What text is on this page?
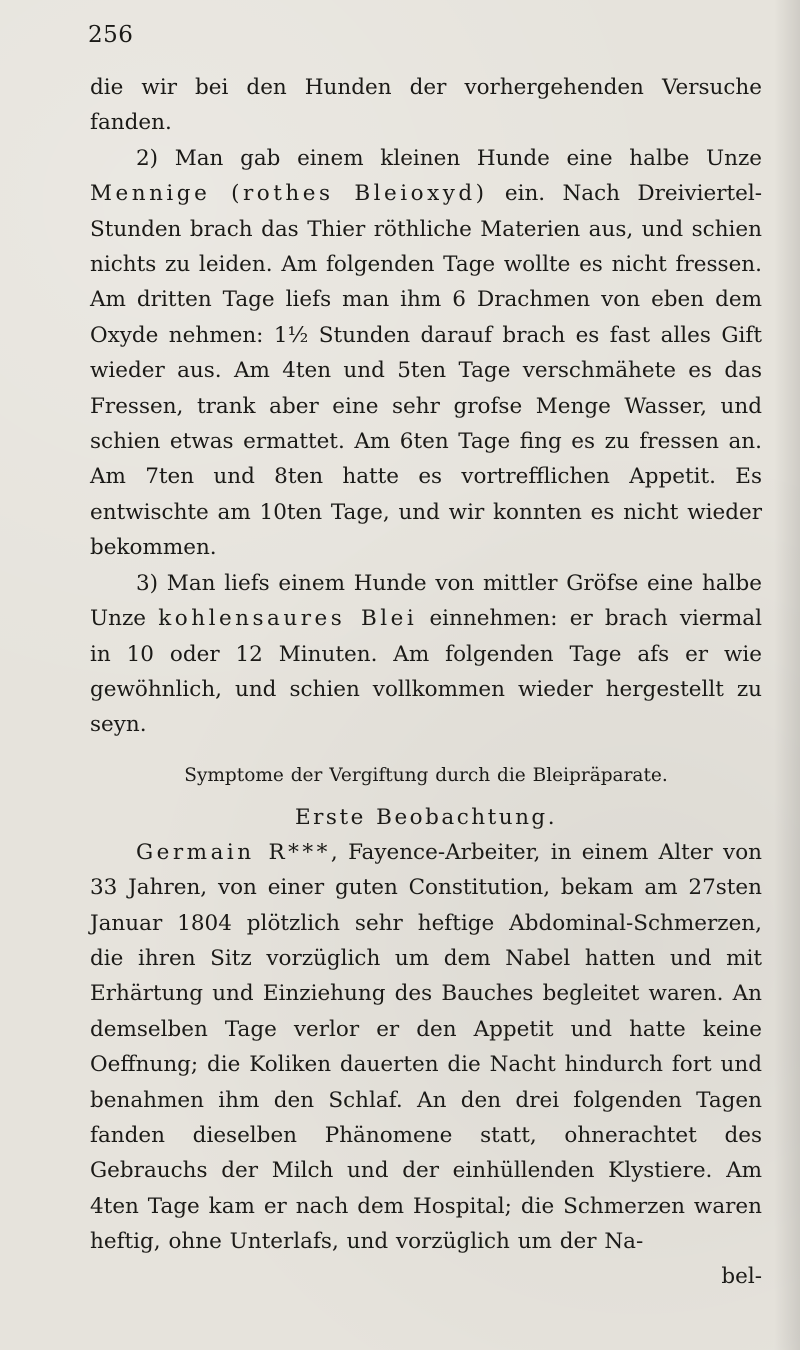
256

die wir bei den Hunden der vorhergehenden Versuche fanden.

2) Man gab einem kleinen Hunde eine halbe Unze Mennige (rothes Bleioxyd) ein. Nach Dreiviertel-Stunden brach das Thier röthliche Materien aus, und schien nichts zu leiden. Am folgenden Tage wollte es nicht fressen. Am dritten Tage liefs man ihm 6 Drachmen von eben dem Oxyde nehmen: 1½ Stunden darauf brach es fast alles Gift wieder aus. Am 4ten und 5ten Tage verschmähete es das Fressen, trank aber eine sehr grofse Menge Wasser, und schien etwas ermattet. Am 6ten Tage fing es zu fressen an. Am 7ten und 8ten hatte es vortrefflichen Appetit. Es entwischte am 10ten Tage, und wir konnten es nicht wieder bekommen.

3) Man liefs einem Hunde von mittler Gröfse eine halbe Unze kohlensaures Blei einnehmen: er brach viermal in 10 oder 12 Minuten. Am folgenden Tage afs er wie gewöhnlich, und schien vollkommen wieder hergestellt zu seyn.

Symptome der Vergiftung durch die Bleipräparate.

Erste Beobachtung.

Germain R***, Fayence-Arbeiter, in einem Alter von 33 Jahren, von einer guten Constitution, bekam am 27sten Januar 1804 plötzlich sehr heftige Abdominal-Schmerzen, die ihren Sitz vorzüglich um dem Nabel hatten und mit Erhärtung und Einziehung des Bauches begleitet waren. An demselben Tage verlor er den Appetit und hatte keine Oeffnung; die Koliken dauerten die Nacht hindurch fort und benahmen ihm den Schlaf. An den drei folgenden Tagen fanden dieselben Phänomene statt, ohnerachtet des Gebrauchs der Milch und der einhüllenden Klystiere. Am 4ten Tage kam er nach dem Hospital; die Schmerzen waren heftig, ohne Unterlafs, und vorzüglich um der Na-

bel-
